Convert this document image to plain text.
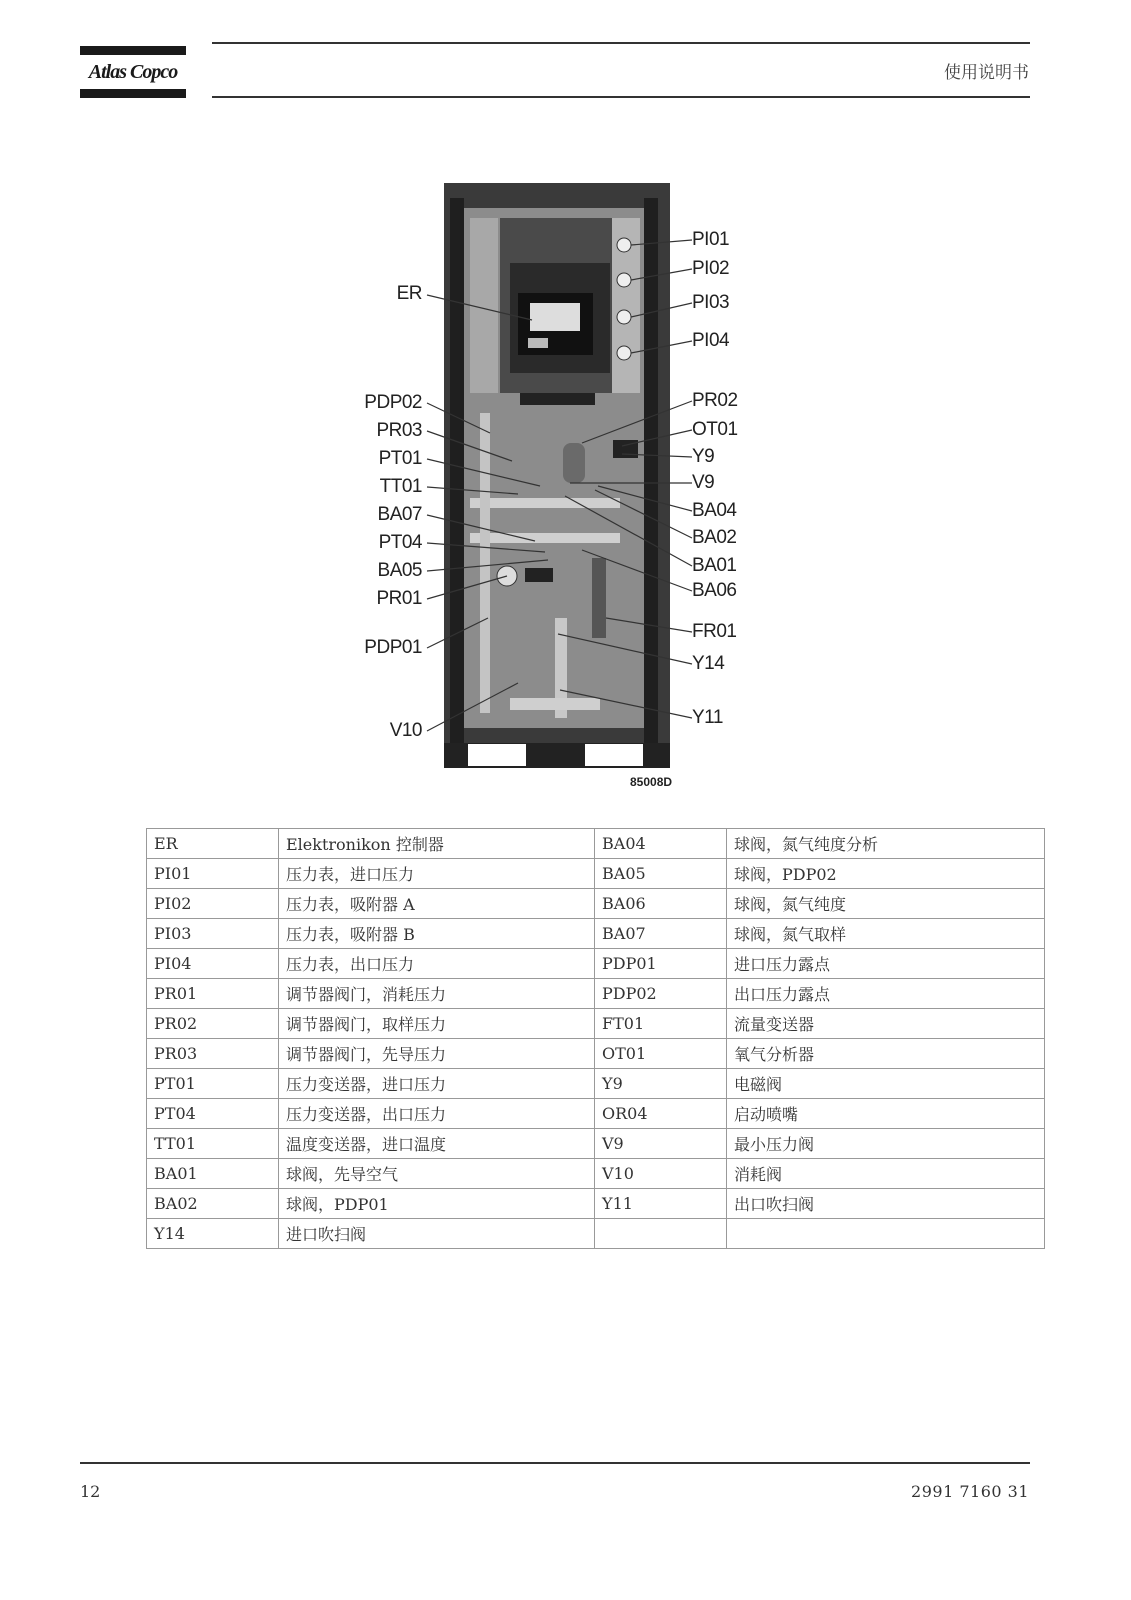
Atlas Copco	使用说明书
ER
PDP02
PR03
PT01
TT01
BA07
PT04
BA05
PR01
PDP01
V10
PI01
PI02
PI03
PI04
PR02
OT01
Y9
V9
BA04
BA02
BA01
BA06
FR01
Y14
Y11
85008D
ER	Elektronikon 控制器	BA04	球阀，氮气纯度分析
PI01	压力表，进口压力	BA05	球阀，PDP02
PI02	压力表，吸附器 A	BA06	球阀，氮气纯度
PI03	压力表，吸附器 B	BA07	球阀，氮气取样
PI04	压力表，出口压力	PDP01	进口压力露点
PR01	调节器阀门，消耗压力	PDP02	出口压力露点
PR02	调节器阀门，取样压力	FT01	流量变送器
PR03	调节器阀门，先导压力	OT01	氧气分析器
PT01	压力变送器，进口压力	Y9	电磁阀
PT04	压力变送器，出口压力	OR04	启动喷嘴
TT01	温度变送器，进口温度	V9	最小压力阀
BA01	球阀，先导空气	V10	消耗阀
BA02	球阀，PDP01	Y11	出口吹扫阀
Y14	进口吹扫阀		
12	2991 7160 31
